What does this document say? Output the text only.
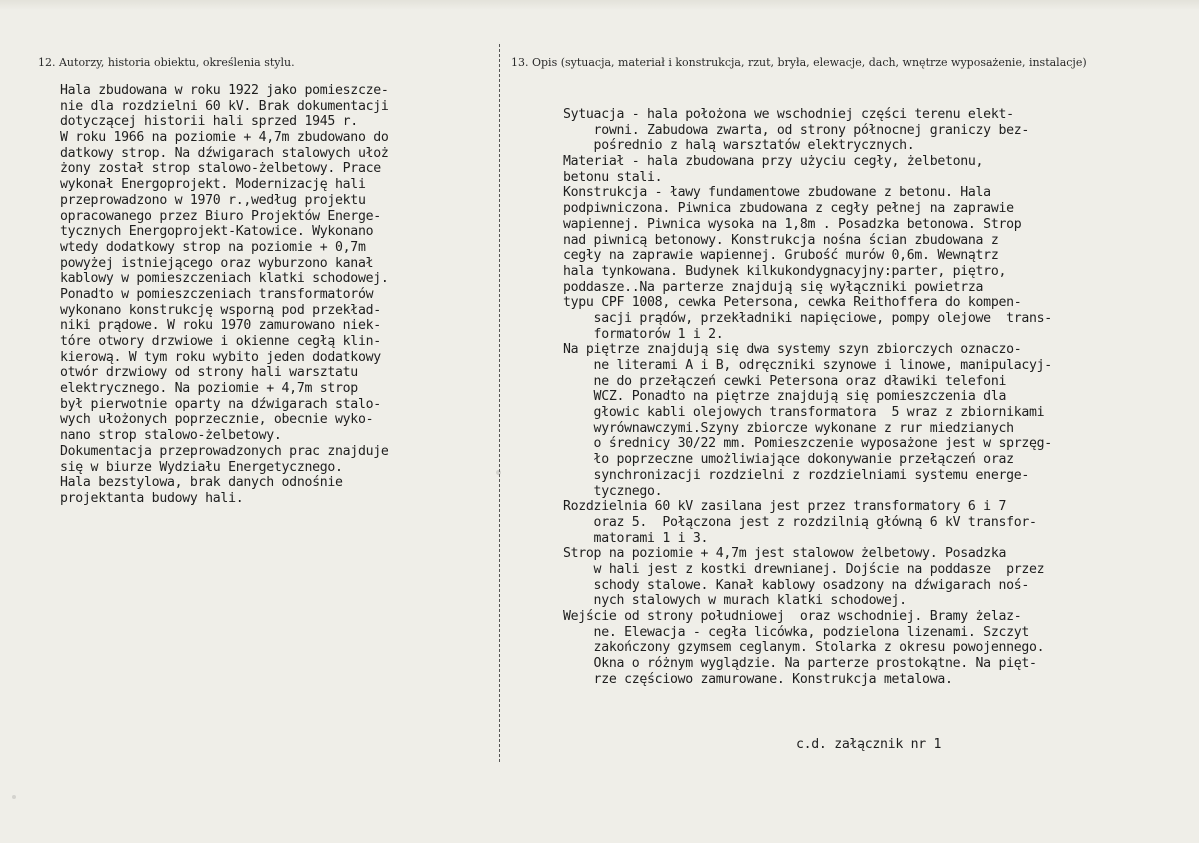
12. Autorzy, historia obiektu, określenia stylu.	13. Opis (sytuacja, materiał i konstrukcja, rzut, bryła, elewacje, dach, wnętrze wyposażenie, instalacje)
Hala zbudowana w roku 1922 jako pomieszcze-
nie dla rozdzielni 60 kV. Brak dokumentacji
dotyczącej historii hali sprzed 1945 r.
W roku 1966 na poziomie + 4,7m zbudowano do
datkowy strop. Na dźwigarach stalowych ułoż
żony został strop stalowo-żelbetowy. Prace
wykonał Energoprojekt. Modernizację hali
przeprowadzono w 1970 r.,według projektu
opracowanego przez Biuro Projektów Energe-
tycznych Energoprojekt-Katowice. Wykonano
wtedy dodatkowy strop na poziomie + 0,7m
powyżej istniejącego oraz wyburzono kanał
kablowy w pomieszczeniach klatki schodowej.
Ponadto w pomieszczeniach transformatorów
wykonano konstrukcję wsporną pod przekład-
niki prądowe. W roku 1970 zamurowano niek-
tóre otwory drzwiowe i okienne cegłą klin-
kierową. W tym roku wybito jeden dodatkowy
otwór drzwiowy od strony hali warsztatu
elektrycznego. Na poziomie + 4,7m strop
był pierwotnie oparty na dźwigarach stalo-
wych ułożonych poprzecznie, obecnie wyko-
nano strop stalowo-żelbetowy.
Dokumentacja przeprowadzonych prac znajduje
się w biurze Wydziału Energetycznego.
Hala bezstylowa, brak danych odnośnie
projektanta budowy hali.
Sytuacja - hala położona we wschodniej części terenu elekt-
rowni. Zabudowa zwarta, od strony północnej graniczy bez-
pośrednio z halą warsztatów elektrycznych.
Materiał - hala zbudowana przy użyciu cegły, żelbetonu,
betonu stali.
Konstrukcja - ławy fundamentowe zbudowane z betonu. Hala
podpiwniczona. Piwnica zbudowana z cegły pełnej na zaprawie
wapiennej. Piwnica wysoka na 1,8m . Posadzka betonowa. Strop
nad piwnicą betonowy. Konstrukcja nośna ścian zbudowana z
cegły na zaprawie wapiennej. Grubość murów 0,6m. Wewnątrz
hala tynkowana. Budynek kilkukondygnacyjny:parter, piętro,
poddasze..Na parterze znajdują się wyłączniki powietrza
typu CPF 1008, cewka Petersona, cewka Reithoffera do kompen-
sacji prądów, przekładniki napięciowe, pompy olejowe  trans-
formatorów 1 i 2.
Na piętrze znajdują się dwa systemy szyn zbiorczych oznaczo-
ne literami A i B, odręczniki szynowe i linowe, manipulacyj-
ne do przełączeń cewki Petersona oraz dławiki telefoni
WCZ. Ponadto na piętrze znajdują się pomieszczenia dla
głowic kabli olejowych transformatora  5 wraz z zbiornikami
wyrównawczymi.Szyny zbiorcze wykonane z rur miedzianych
o średnicy 30/22 mm. Pomieszczenie wyposażone jest w sprzęg-
ło poprzeczne umożliwiające dokonywanie przełączeń oraz
synchronizacji rozdzielni z rozdzielniami systemu energe-
tycznego.
Rozdzielnia 60 kV zasilana jest przez transformatory 6 i 7
oraz 5.  Połączona jest z rozdzilnią główną 6 kV transfor-
matorami 1 i 3.
Strop na poziomie + 4,7m jest stalowow żelbetowy. Posadzka
w hali jest z kostki drewnianej. Dojście na poddasze  przez
schody stalowe. Kanał kablowy osadzony na dźwigarach noś-
nych stalowych w murach klatki schodowej.
Wejście od strony południowej  oraz wschodniej. Bramy żelaz-
ne. Elewacja - cegła licówka, podzielona lizenami. Szczyt
zakończony gzymsem ceglanym. Stolarka z okresu powojennego.
Okna o różnym wyglądzie. Na parterze prostokątne. Na pięt-
rze częściowo zamurowane. Konstrukcja metalowa.
c.d. załącznik nr 1
